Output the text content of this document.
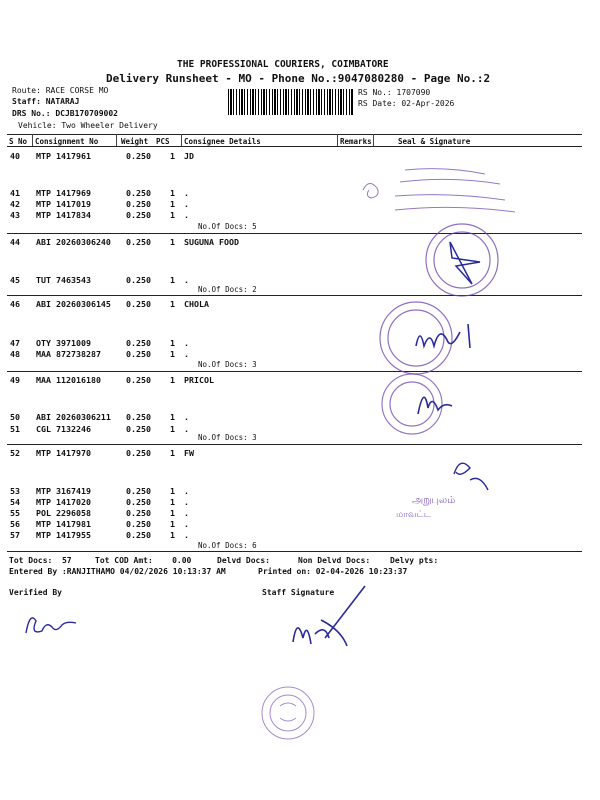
THE PROFESSIONAL COURIERS, COIMBATORE
Delivery Runsheet - MO - Phone No.:9047080280 - Page No.:2
Route: RACE CORSE MO
Staff: NATARAJ
DRS No.: DCJB170709002
Vehicle: Two Wheeler Delivery
RS No.: 1707090
RS Date: 02-Apr-2026
S No Consignment No	Weight PCS Consignee Details	Remarks	Seal & Signature
40 MTP 1417961	0.250 1 JD
41 MTP 1417969	0.250 1 .
42 MTP 1417019	0.250 1 .
43 MTP 1417834	0.250 1 .
44 ABI 20260306240 0.250 1 SUGUNA FOOD
45 TUT 7463543	0.250 1 .
46 ABI 20260306145 0.250 1 CHOLA
47 OTY 3971009	0.250 1 .
48 MAA 872738287	0.250 1 .
49 MAA 112016180	0.250 1 PRICOL
50 ABI 20260306211 0.250 1 .
51 CGL 7132246	0.250 1 .
52 MTP 1417970	0.250 1 FW
53 MTP 3167419	0.250 1 .
54 MTP 1417020	0.250 1 .
55 POL 2296058	0.250 1 .
56 MTP 1417981	0.250 1 .
57 MTP 1417955	0.250 1 .
No.Of Docs: 5
No.Of Docs: 2
No.Of Docs: 3
No.Of Docs: 3
No.Of Docs: 6
Tot Docs:  57	Tot COD Amt:    0.00	Delvd Docs:	Non Delvd Docs: Delvy pts:
Entered By :RANJITHAMO 04/02/2026 10:13:37 AM	Printed on: 02-04-2026 10:23:37
Verified By	Staff Signature
அறுபுலம்
மாவட்ட
